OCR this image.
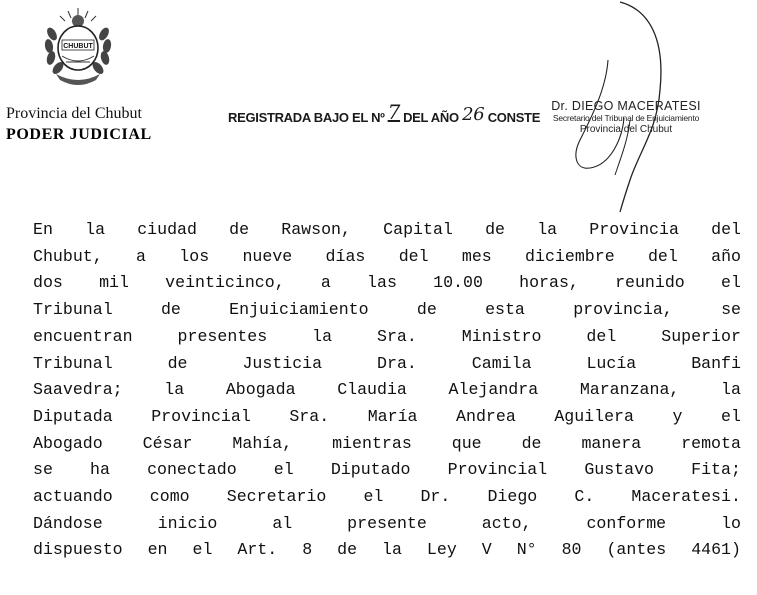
CHUBUT
Provincia del Chubut
PODER JUDICIAL
REGISTRADA BAJO EL Nº 7 DEL AÑO 26 CONSTE
Dr. DIEGO MACERATESI
Secretario del Tribunal de Enjuiciamiento
Provincia del Chubut
En la ciudad de Rawson, Capital de la Provincia del
Chubut, a los nueve días del mes diciembre del año
dos mil veinticinco, a las 10.00 horas, reunido el
Tribunal	de	Enjuiciamiento	de	esta	provincia,	se
encuentran	presentes	la	Sra.	Ministro	del	Superior
Tribunal	de	Justicia	Dra.	Camila	Lucía	Banfi
Saavedra;	la	Abogada	Claudia	Alejandra	Maranzana,	la
Diputada Provincial Sra. María Andrea Aguilera y el
Abogado César Mahía, mientras que de manera remota
se ha conectado el Diputado Provincial Gustavo Fita;
actuando como Secretario el Dr. Diego C. Maceratesi.
Dándose	inicio	al	presente	acto,	conforme	lo
dispuesto en el Art. 8 de la Ley V N° 80 (antes 4461)
